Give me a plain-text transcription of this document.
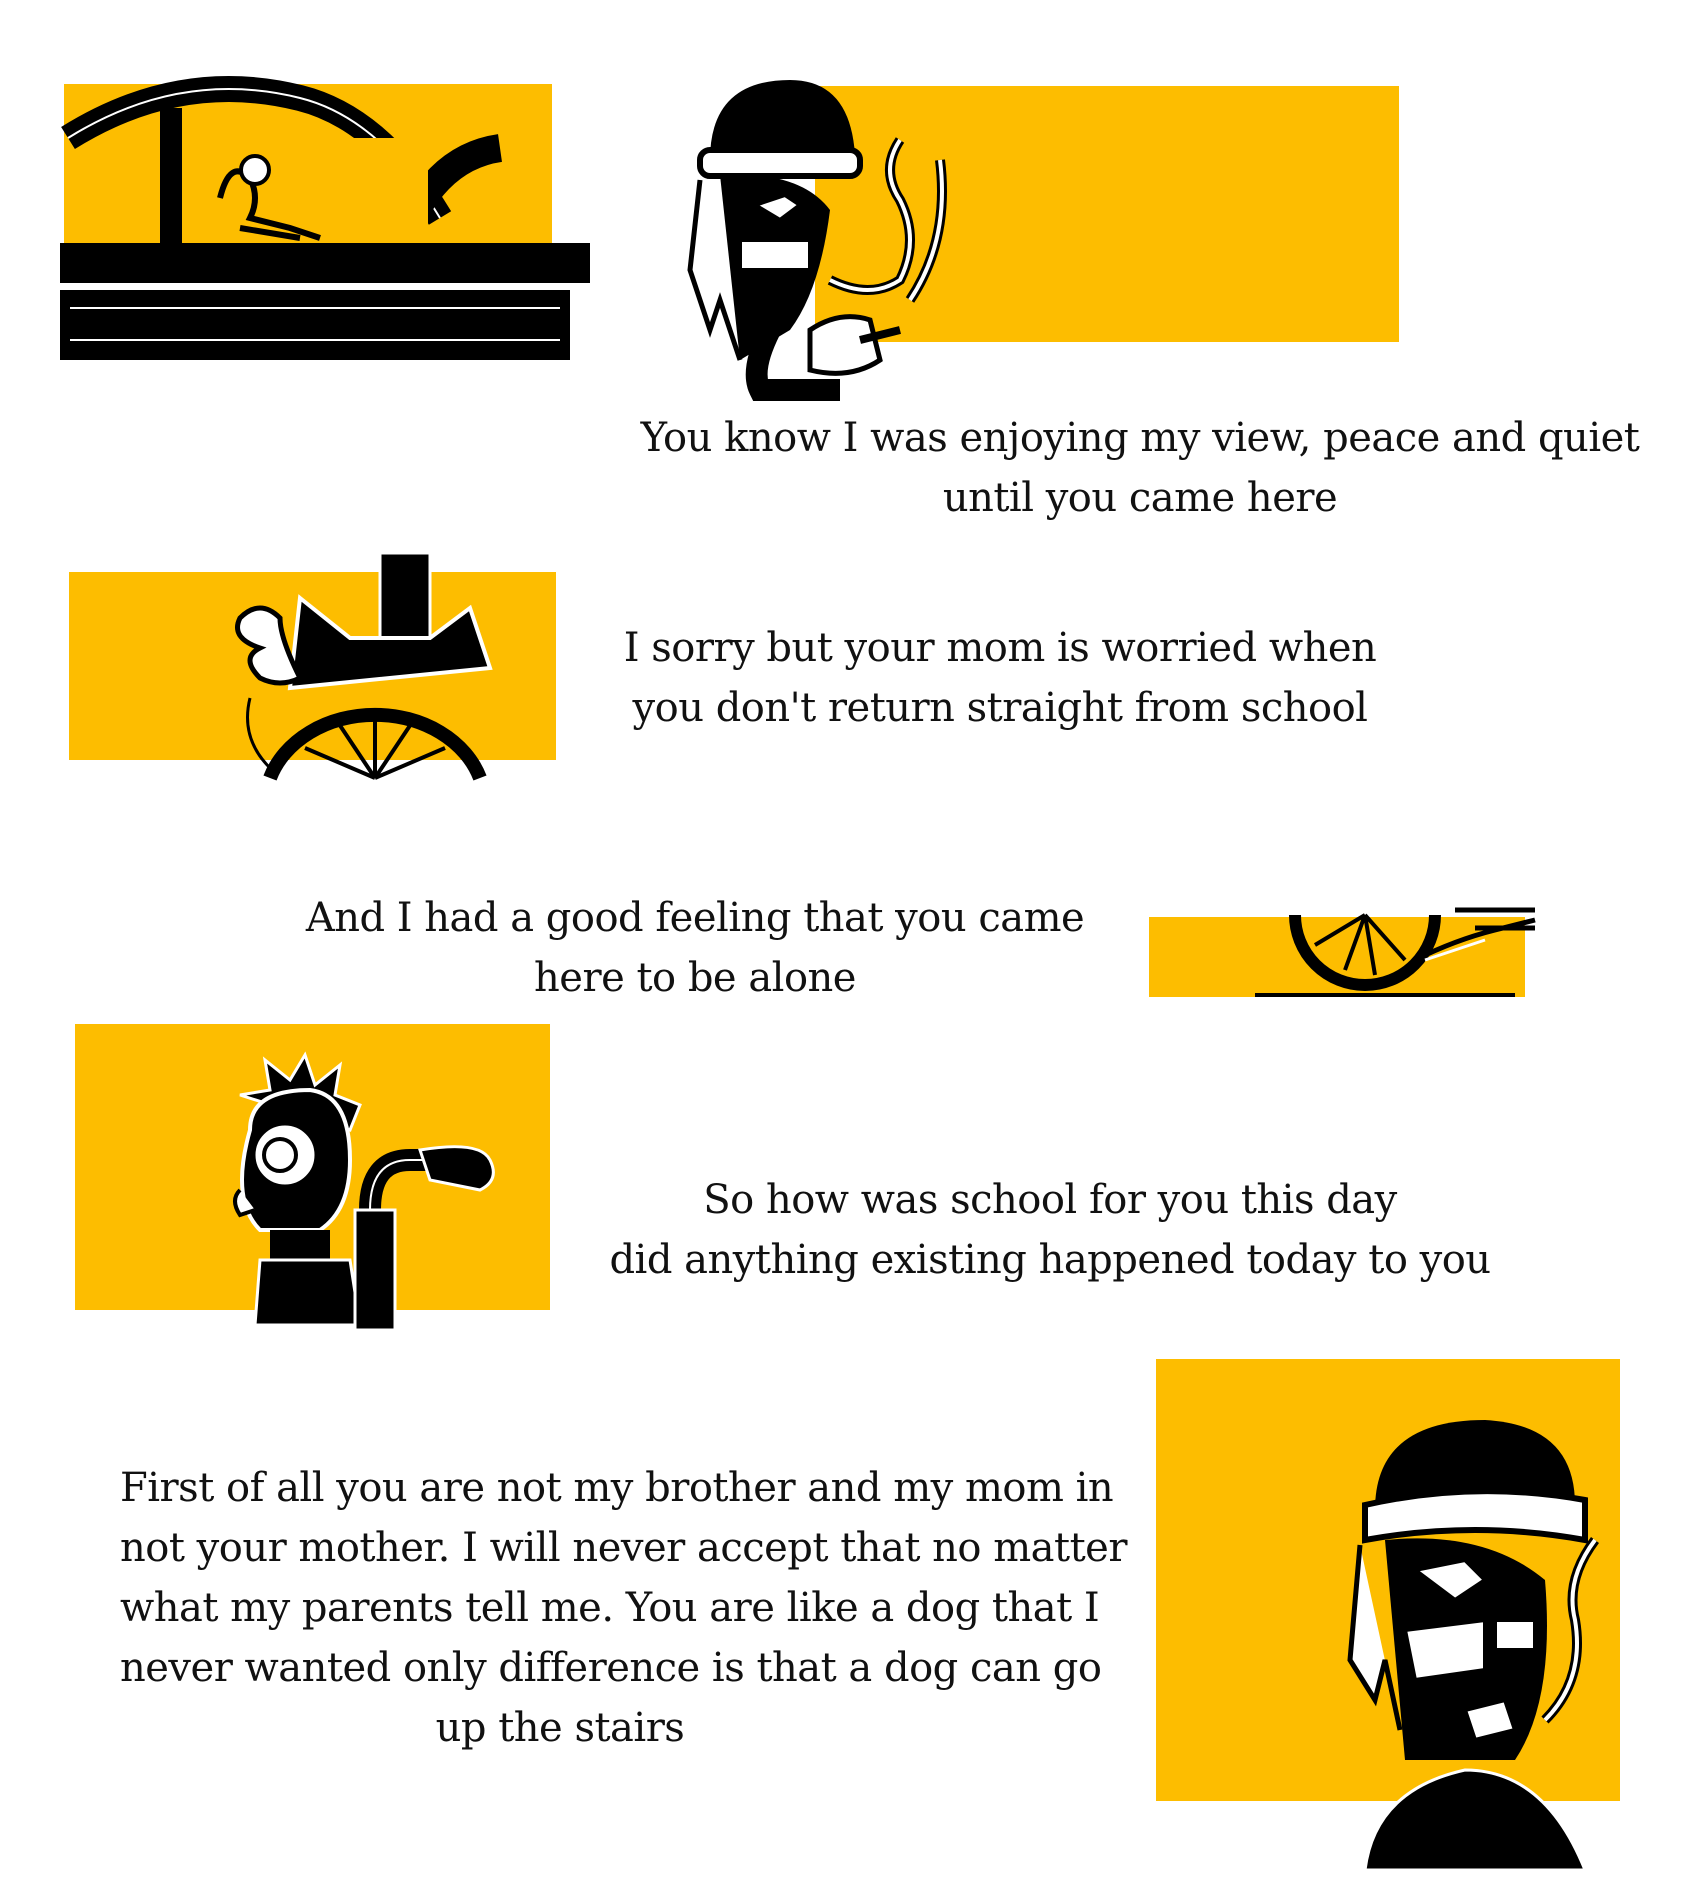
You know I was enjoying my view, peace and quiet
until you came here
I sorry but your mom is worried when
you don't return straight from school
And I had a good feeling that you came
here to be alone
So how was school for you this day
did anything existing happened today to you
First of all you are not my brother and my mom in
not your mother. I will never accept that no matter
what my parents tell me. You are like a dog that I
never wanted only difference is that a dog can go
up the stairs
